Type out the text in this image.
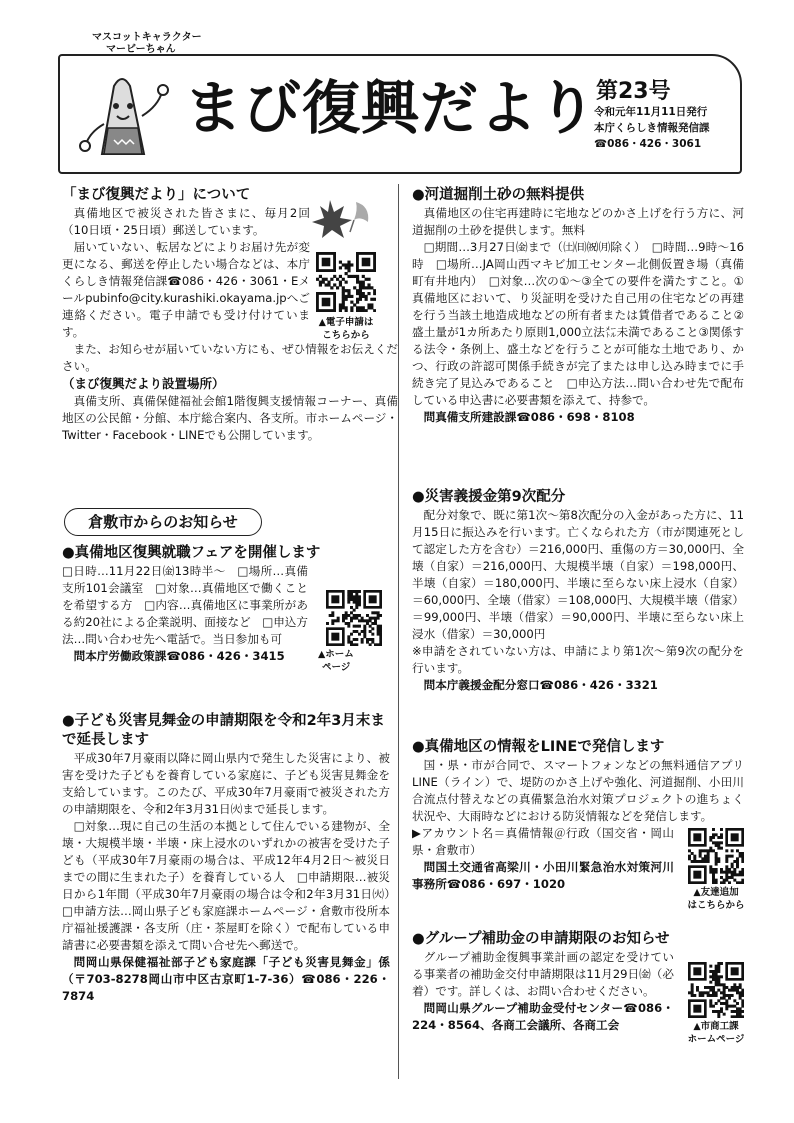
マスコットキャラクター
マービーちゃん
まび復興だより
第23号
令和元年11月11日発行
本庁くらしき情報発信課
☎086・426・3061
「まび復興だより」について

真備地区で被災された皆さまに、毎月2回（10日頃・25日頃）郵送しています。

届いていない、転居などによりお届け先が変更になる、郵送を停止したい場合などは、本庁くらしき情報発信課☎086・426・3061・Eメールpubinfo@city.kurashiki.okayama.jpへご連絡ください。電子申請でも受け付けています。

また、お知らせが届いていない方にも、ぜひ情報をお伝えください。

（まび復興だより設置場所）

真備支所、真備保健福祉会館1階復興支援情報コーナー、真備地区の公民館・分館、本庁総合案内、各支所。市ホームページ・Twitter・Facebook・LINEでも公開しています。

▲電子申請は
こちらから
倉敷市からのお知らせ
●真備地区復興就職フェアを開催します

□日時…11月22日㈮13時半～　□場所…真備支所101会議室　□対象…真備地区で働くことを希望する方　□内容…真備地区に事業所がある約20社による企業説明、面接など　□申込方法…問い合わせ先へ電話で。当日参加も可

問本庁労働政策課☎086・426・3415	▲ホーム
ページ
●子ども災害見舞金の申請期限を令和2年3月末まで延長します

平成30年7月豪雨以降に岡山県内で発生した災害により、被害を受けた子どもを養育している家庭に、子ども災害見舞金を支給しています。このたび、平成30年7月豪雨で被災された方の申請期限を、令和2年3月31日㈫まで延長します。

□対象…現に自己の生活の本拠として住んでいる建物が、全壊・大規模半壊・半壊・床上浸水のいずれかの被害を受けた子ども（平成30年7月豪雨の場合は、平成12年4月2日～被災日までの間に生まれた子）を養育している人　□申請期限…被災日から1年間（平成30年7月豪雨の場合は令和2年3月31日㈫）　□申請方法…岡山県子ども家庭課ホームページ・倉敷市役所本庁福祉援護課・各支所（庄・茶屋町を除く）で配布している申請書に必要書類を添えて問い合せ先へ郵送で。

問岡山県保健福祉部子ども家庭課「子ども災害見舞金」係（〒703-8278岡山市中区古京町1-7-36）☎086・226・7874

●河道掘削土砂の無料提供

真備地区の住宅再建時に宅地などのかさ上げを行う方に、河道掘削の土砂を提供します。無料

□期間…3月27日㈮まで（㈯㈰㈷㈪除く）　□時間…9時～16時　□場所…JA岡山西マキビ加工センター北側仮置き場（真備町有井地内）　□対象…次の①～③全ての要件を満たすこと。①真備地区において、り災証明を受けた自己用の住宅などの再建を行う当該土地造成地などの所有者または賃借者であること②盛土量が1カ所あたり原則1,000立法㍍未満であること③関係する法令・条例上、盛土などを行うことが可能な土地であり、かつ、行政の許認可関係手続きが完了または申し込み時までに手続き完了見込みであること　□申込方法…問い合わせ先で配布している申込書に必要書類を添えて、持参で。

問真備支所建設課☎086・698・8108

●災害義援金第9次配分

配分対象で、既に第1次～第8次配分の入金があった方に、11月15日に振込みを行います。亡くなられた方（市が関連死として認定した方を含む）＝216,000円、重傷の方＝30,000円、全壊（自家）＝216,000円、大規模半壊（自家）＝198,000円、半壊（自家）＝180,000円、半壊に至らない床上浸水（自家）＝60,000円、全壊（借家）＝108,000円、大規模半壊（借家）＝99,000円、半壊（借家）＝90,000円、半壊に至らない床上浸水（借家）＝30,000円

※申請をされていない方は、申請により第1次～第9次の配分を行います。

問本庁義援金配分窓口☎086・426・3321

●真備地区の情報をLINEで発信します

国・県・市が合同で、スマートフォンなどの無料通信アプリLINE（ライン）で、堤防のかさ上げや強化、河道掘削、小田川合流点付替えなどの真備緊急治水対策プロジェクトの進ちょく状況や、大雨時などにおける防災情報などを発信します。

▶アカウント名＝真備情報＠行政（国交省・岡山県・倉敷市）

問国土交通省高梁川・小田川緊急治水対策河川事務所☎086・697・1020

▲友達追加
はこちらから
●グループ補助金の申請期限のお知らせ

グループ補助金復興事業計画の認定を受けている事業者の補助金交付申請期限は11月29日㈮（必着）です。詳しくは、お問い合わせください。

問岡山県グループ補助金受付センター☎086・224・8564、各商工会議所、各商工会	▲市商工課
ホームページ
